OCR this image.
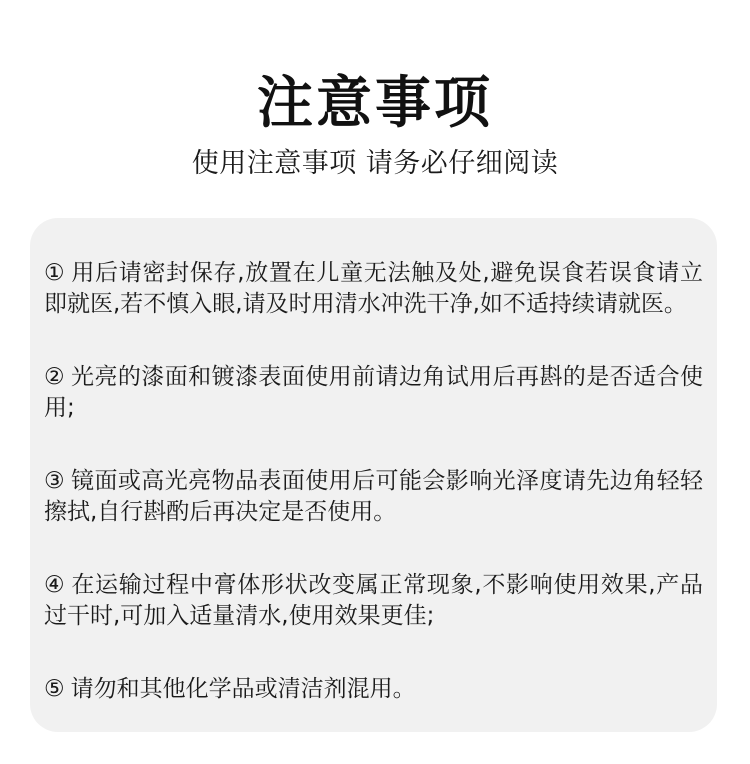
注意事项
使用注意事项 请务必仔细阅读

① 用后请密封保存,放置在儿童无法触及处,避免误食若误食请立即就医,若不慎入眼,请及时用清水冲洗干净,如不适持续请就医。

② 光亮的漆面和镀漆表面使用前请边角试用后再斟的是否适合使用;

③ 镜面或高光亮物品表面使用后可能会影响光泽度请先边角轻轻擦拭,自行斟酌后再决定是否使用。

④ 在运输过程中膏体形状改变属正常现象,不影响使用效果,产品过干时,可加入适量清水,使用效果更佳;

⑤ 请勿和其他化学品或清洁剂混用。
